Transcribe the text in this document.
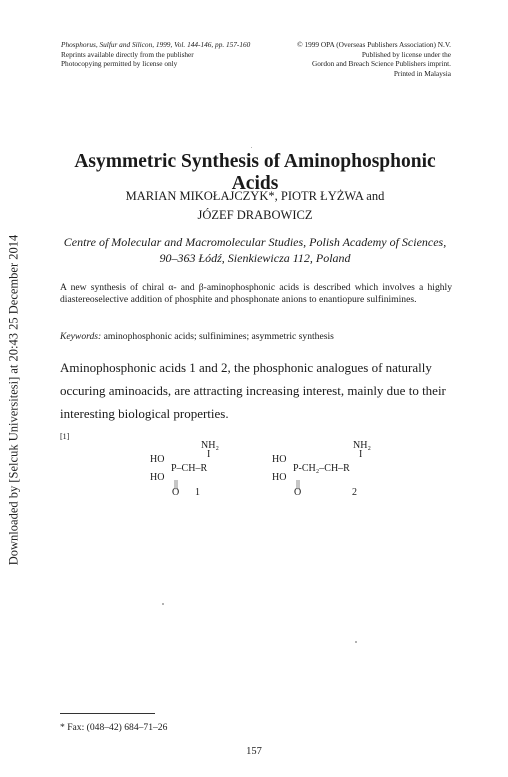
Downloaded by [Selcuk Universitesi] at 20:43 25 December 2014
Phosphorus, Sulfur and Silicon, 1999, Vol. 144-146, pp. 157-160
Reprints available directly from the publisher
Photocopying permitted by license only
© 1999 OPA (Overseas Publishers Association) N.V.
Published by license under the
Gordon and Breach Science Publishers imprint.
Printed in Malaysia
Asymmetric Synthesis of Aminophosphonic Acids
MARIAN MIKOŁAJCZYK*, PIOTR ŁYŻWA and
JÓZEF DRABOWICZ
Centre of Molecular and Macromolecular Studies, Polish Academy of Sciences,
90–363 Łódź, Sienkiewicza 112, Poland

A new synthesis of chiral α- and β-aminophosphonic acids is described which involves a highly diastereoselective addition of phosphite and phosphonate anions to enantiopure sulfinimines.

Keywords: aminophosphonic acids; sulfinimines; asymmetric synthesis
Aminophosphonic acids 1 and 2, the phosphonic analogues of naturally
occuring aminoacids, are attracting increasing interest, mainly due to their
interesting biological properties.
[1]
NH₂
I
HO
P–CH–R
HO
||
O 1
NH₂
I
HO
P-CH₂–CH–R
HO
||
O	2
* Fax: (048–42) 684–71–26
157
